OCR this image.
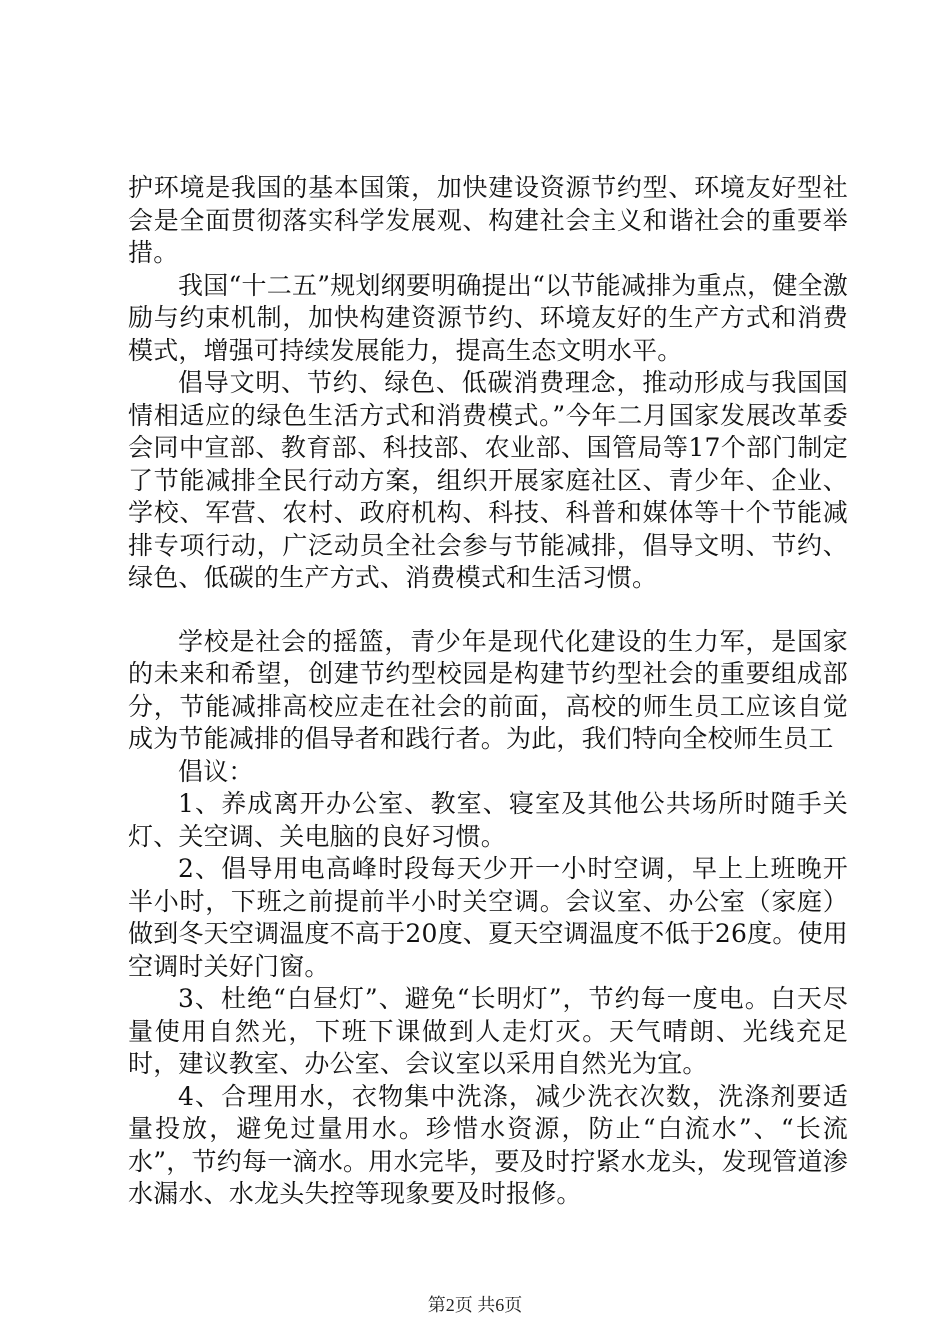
护环境是我国的基本国策，加快建设资源节约型、环境友好型社会是全面贯彻落实科学发展观、构建社会主义和谐社会的重要举措。

我国“十二五”规划纲要明确提出“以节能减排为重点，健全激励与约束机制，加快构建资源节约、环境友好的生产方式和消费模式，增强可持续发展能力，提高生态文明水平。

倡导文明、节约、绿色、低碳消费理念，推动形成与我国国情相适应的绿色生活方式和消费模式。”今年二月国家发展改革委会同中宣部、教育部、科技部、农业部、国管局等17个部门制定了节能减排全民行动方案，组织开展家庭社区、青少年、企业、学校、军营、农村、政府机构、科技、科普和媒体等十个节能减排专项行动，广泛动员全社会参与节能减排，倡导文明、节约、绿色、低碳的生产方式、消费模式和生活习惯。

学校是社会的摇篮，青少年是现代化建设的生力军，是国家的未来和希望，创建节约型校园是构建节约型社会的重要组成部分，节能减排高校应走在社会的前面，高校的师生员工应该自觉成为节能减排的倡导者和践行者。为此，我们特向全校师生员工

倡议：

1、养成离开办公室、教室、寝室及其他公共场所时随手关灯、关空调、关电脑的良好习惯。

2、倡导用电高峰时段每天少开一小时空调，早上上班晚开半小时，下班之前提前半小时关空调。会议室、办公室（家庭）做到冬天空调温度不高于20度、夏天空调温度不低于26度。使用空调时关好门窗。

3、杜绝“白昼灯”、避免“长明灯”，节约每一度电。白天尽量使用自然光，下班下课做到人走灯灭。天气晴朗、光线充足时，建议教室、办公室、会议室以采用自然光为宜。

4、合理用水，衣物集中洗涤，减少洗衣次数，洗涤剂要适量投放，避免过量用水。珍惜水资源，防止“白流水”、“长流水”，节约每一滴水。用水完毕，要及时拧紧水龙头，发现管道渗水漏水、水龙头失控等现象要及时报修。

第2页 共6页
